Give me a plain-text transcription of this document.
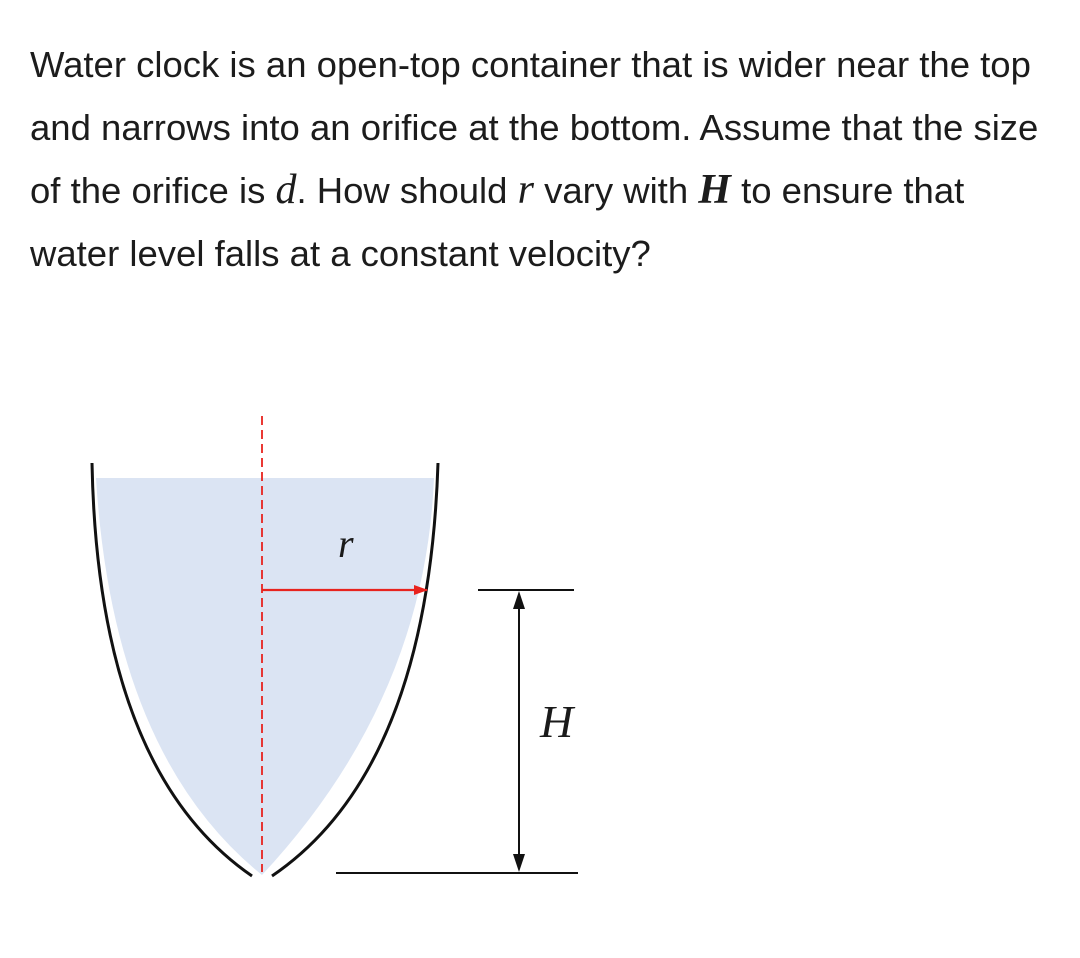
Water clock is an open-top container that is wider near the top and narrows into an orifice at the bottom. Assume that the size of the orifice is d. How should r vary with H to ensure that water level falls at a constant velocity?
r
H
